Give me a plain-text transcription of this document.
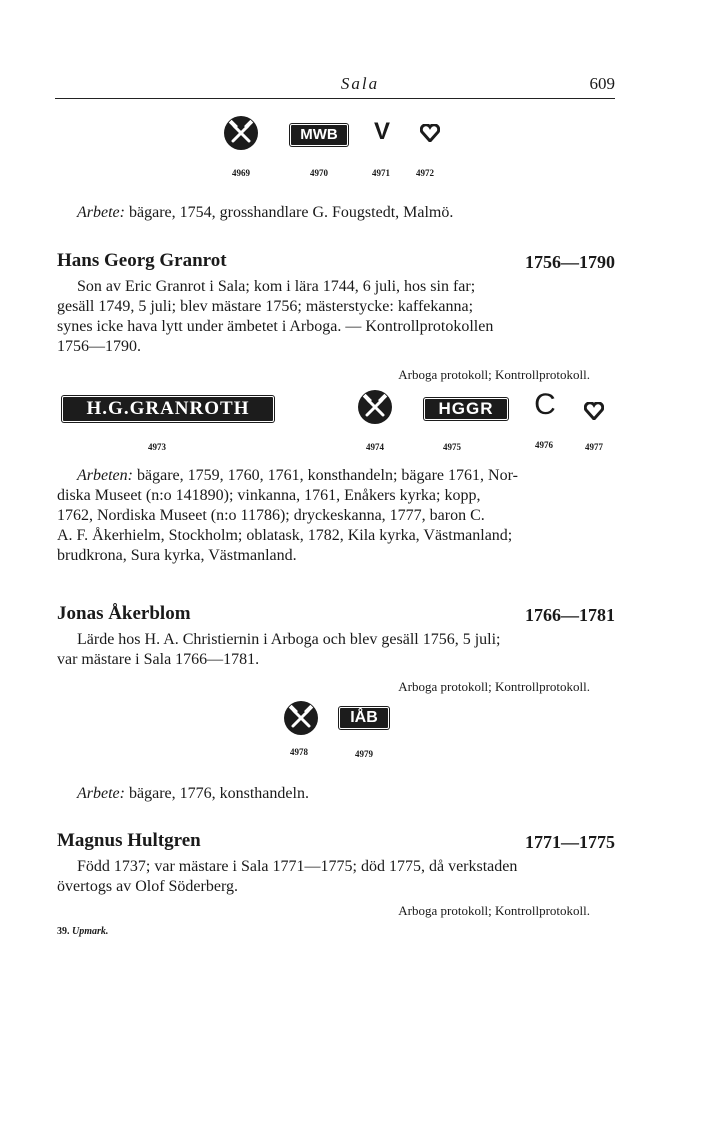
Sala	609
MWB	V
4969	4970	4971	4972
Arbete: bägare, 1754, grosshandlare G. Fougstedt, Malmö.
Hans Georg Granrot	1756—1790
Son av Eric Granrot i Sala; kom i lära 1744, 6 juli, hos sin far;
gesäll 1749, 5 juli; blev mästare 1756; mästerstycke: kaffekanna;
synes icke hava lytt under ämbetet i Arboga. — Kontrollprotokollen
1756—1790.
Arboga protokoll; Kontrollprotokoll.
H.G.GRANROTH	HGGR	C
4973	4974	4975	4976	4977
Arbeten: bägare, 1759, 1760, 1761, konsthandeln; bägare 1761, Nor-
diska Museet (n:o 141890); vinkanna, 1761, Enåkers kyrka; kopp,
1762, Nordiska Museet (n:o 11786); dryckeskanna, 1777, baron C.
A. F. Åkerhielm, Stockholm; oblatask, 1782, Kila kyrka, Västmanland;
brudkrona, Sura kyrka, Västmanland.
Jonas Åkerblom	1766—1781
Lärde hos H. A. Christiernin i Arboga och blev gesäll 1756, 5 juli;
var mästare i Sala 1766—1781.
Arboga protokoll; Kontrollprotokoll.
IÅB
4978	4979
Arbete: bägare, 1776, konsthandeln.
Magnus Hultgren	1771—1775
Född 1737; var mästare i Sala 1771—1775; död 1775, då verkstaden
övertogs av Olof Söderberg.
Arboga protokoll; Kontrollprotokoll.
39. Upmark.
